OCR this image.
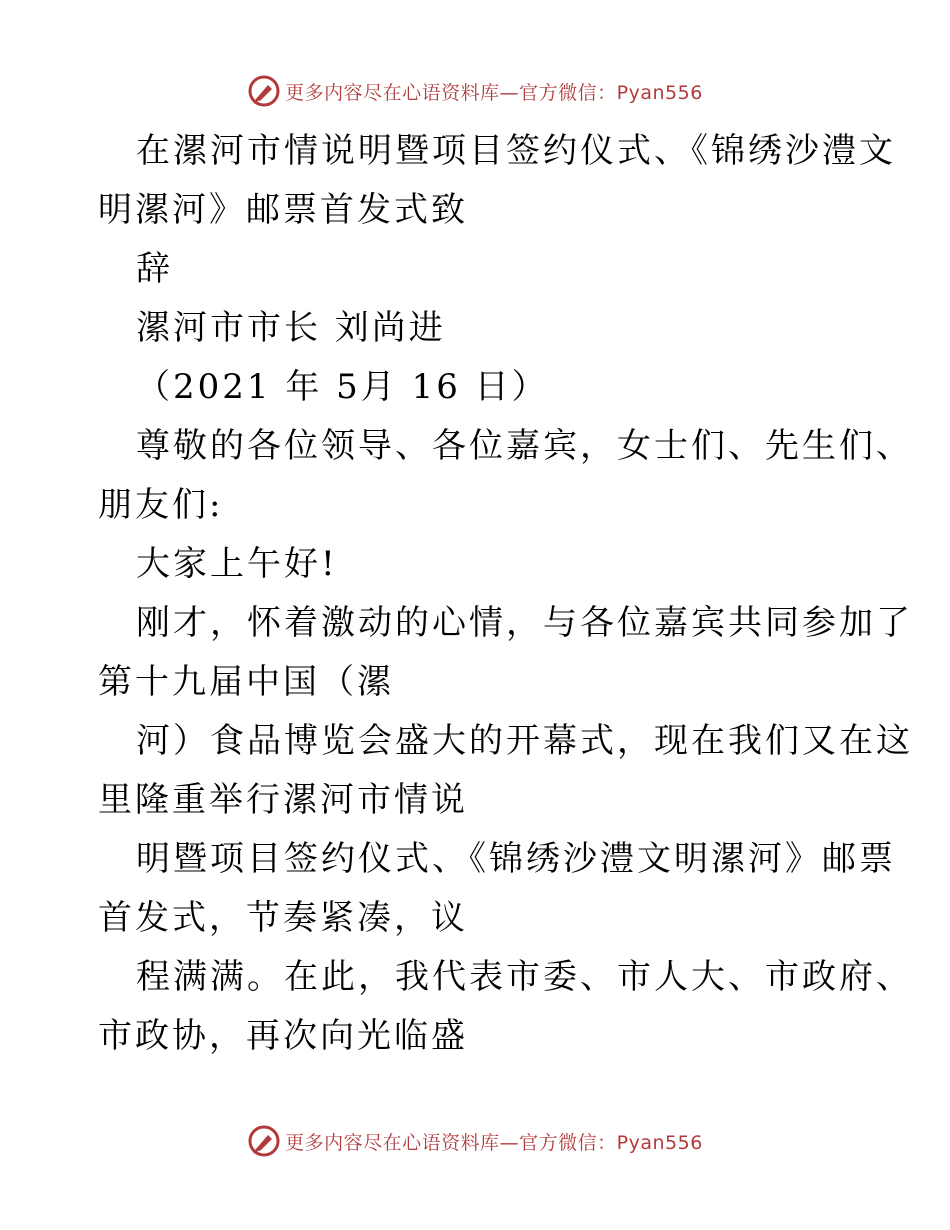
更多内容尽在心语资料库—官方微信：Pyan556

在漯河市情说明暨项目签约仪式、《锦绣沙澧文

明漯河》邮票首发式致

辞

漯河市市长 刘尚进

（2021 年 5月 16 日）

尊敬的各位领导、各位嘉宾，女士们、先生们、

朋友们:

大家上午好!

刚才，怀着激动的心情，与各位嘉宾共同参加了

第十九届中国（漯

河）食品博览会盛大的开幕式，现在我们又在这

里隆重举行漯河市情说

明暨项目签约仪式、《锦绣沙澧文明漯河》邮票

首发式，节奏紧凑，议

程满满。在此，我代表市委、市人大、市政府、

市政协，再次向光临盛

更多内容尽在心语资料库—官方微信：Pyan556
